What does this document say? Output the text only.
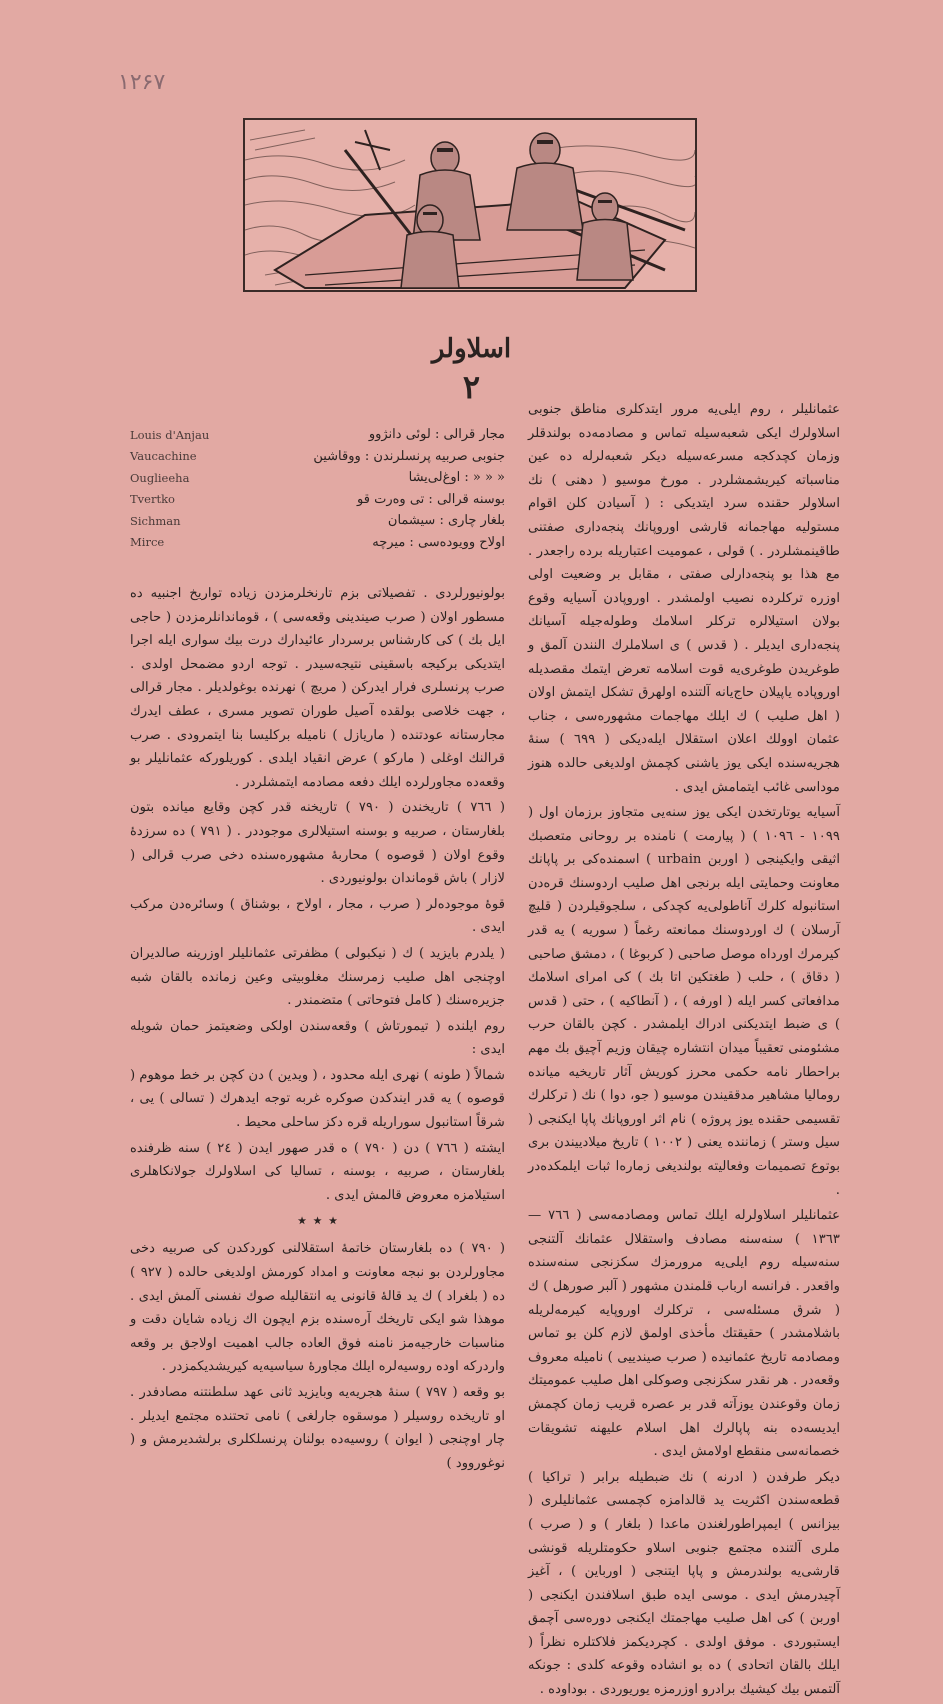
۱۲۶۷
اسلاولر
٢

عثمانليلر ، روم ايلى‌يه مرور ايتدكلرى مناطق جنوبى اسلاولرك ايكى شعبه‌سيله تماس و مصادمه‌ده بولندقلر وزمان كچدكجه مسرعه‌سيله ديكر شعبه‌لرله ده عين مناسباته كيريشمشلردر . مورخ موسيو ( دهنى ) نك اسلاولر حقنده سرد ايتديكى : ( آسيادن كلن اقوام مستوليه مهاجمانه قارشى اوروپانك پنجه‌دارى صفتنى طاقينمشلردر . ) قولى ، عموميت اعتباريله برده راجعدر . مع هذا بو پنجه‌دارلى صفتى ، مقابل بر وضعيت اولى اوزره تركلرده نصيب اولمشدر . اوروپادن آسيايه وقوع بولان استيلالره تركلر اسلامك وطوله‌جيله آسيانك پنجه‌دارى ايديلر . ( قدس ) ى اسلاملرك النندن آلمق و طوغريدن طوغرى‌يه قوت اسلامه تعرض ايتمك مقصديله اوروپاده ياپيلان حاج‌يانه آلتنده اولهرق تشكل ايتمش اولان ( اهل صليب ) ك ايلك مهاجمات مشهوره‌سى ، جناب عثمان اوولك اعلان استقلال ايله‌ديكى ( ٦٩٩ ) سنهٔ هجريه‌سنده ايكى يوز ياشنى كچمش اولديغى حالده هنوز موداسى غائب ايتمامش ايدى .

آسيايه يوتارتخدن ايكى يوز سنه‌يى متجاوز برزمان اول ( ١٠٩٩ - ١٠٩٦ ) ( پيارمت ) نامنده بر روحانى متعصبك اثيقى وايكينجى ( اوربن urbain ) اسمنده‌كى بر پاپانك معاونت وحمايتى ايله برنجى اهل صليب اردوسنك قره‌دن استانبوله كلرك آناطولى‌يه كچدكى ، سلجوقيلردن ( قليچ آرسلان ) ك اوردوسنك ممانعته رغماً ( سوريه ) يه قدر كيرمرك اورداه موصل صاحبى ( كربوغا ) ، دمشق صاحبى ( دقاق ) ، حلب ( طغتكين اتا بك ) كى امراى اسلامك مدافعاتى كسر ايله ( اورفه ) ، ( آنطاكيه ) ، حتى ( قدس ) ى ضبط ايتديكنى ادراك ايلمشدر . كچن بالقان حرب مشئومنى تعقيباً ميدان انتشاره چيقان وزيم آچيق بك مهم براحطار نامه حكمى محرز كوريش آثار تاريخيه ميانده روماليا مشاهير مدققيندن موسيو ( جو، دوا ) نك ( تركلرك تقسيمى حقنده يوز پروژه ) نام اثر اوروپانك پاپا ايكنجى ( سيل وستر ) زماننده يعنى ( ١٠٠٢ ) تاريخ ميلادييندن برى بوتوع تصميمات وفعاليته بولنديغى زماره‌ا ثبات ايلمكده‌در .

عثمانليلر اسلاولرله ايلك تماس ومصادمه‌سى ( ٧٦٦ — ١٣٦٣ ) سنه‌سنه مصادف واستقلال عثمانك آلتنجى سنه‌سيله روم ايلى‌يه مرورمزك سكزنجى سنه‌سنده واقعدر . فرانسه ارباب قلمندن مشهور ( آلبر صورهل ) ك ( شرق مسئله‌سى ، تركلرك اوروپايه كيرمه‌لريله باشلامشدر ) حقيقتك مأخذى اولمق لازم كلن بو تماس ومصادمه تاريخ عثمانيده ( صرب صيندييى ) ناميله معروف وقعه‌در . هر نقدر سكزنجى وصوكلى اهل صليب عموميتك زمان وقوعندن يوزآته قدر بر عصره قريب زمان كچمش ايديسه‌ده بنه پاپالرك اهل اسلام عليهنه تشويقات خصمانه‌سى منقطع اولامش ايدى .

ديكر طرفدن ( ادرنه ) نك ضبطيله برابر ( تراكيا ) قطعه‌سندن اكثريت يد قالدامزه كچمسى عثمانليلرى ( بيزانس ) ايمپراطورلغندن ماعدا ( بلغار ) و ( صرب ) ملرى آلتنده مجتمع جنوبى اسلاو حكومتلريله قونشى قارشى‌يه بولندرمش و پاپا ايتنجى ( اورباين ) ، آغيز آچيدرمش ايدى . موسى ايده طبق اسلافندن ايكنجى ( اوربن ) كى اهل صليب مهاجمتك ايكنجى دوره‌سى آچمق ايستبوردى . موفق اولدى . كچرديكمز فلاكتلره نظراً ( ايلك بالقان اتحادى ) ده بو انشاده وقوعه كلدى : جونكه آلتمس بيك كيشيك برادرو اوزرمزه يوريوردى . بوداوده .

Louis d'Anjau	مجار قرالى : لوئى دانژوو
Vaucachine	جنوبى صربيه پرنسلرندن : ووقاشين
Ouglieeha	« « « : اوغ‌لى‌يشا
Tvertko	بوسنه قرالى : تى وەرت قو
Sichman	بلغار چارى : سيشمان
Mirce	اولاح وويوده‌سى : ميرچه

بولونيورلردى . تفصيلاتى بزم تارنخلرمزدن زياده تواريخ اجنبيه ده مسطور اولان ( صرب صيندينى وقعه‌سى ) ، قوماندانلرمزدن ( حاجى ايل بك ) كى كارشناس برسردار عائيدارك درت بيك سوارى ايله اجرا ايتديكى بركيجه باسقينى نتيجه‌سيدر . توجه اردو مضمحل اولدى . صرب پرنسلرى فرار ايدركن ( مريچ ) نهرنده بوغولديلر . مجار قرالى ، جهت خلاصى بولقده آصيل طوران تصوير مسرى ، عطف ايدرك مجارستانه عودتنده ( ماريازل ) ناميله بركليسا بنا ايتمرودى . صرب قرالنك اوغلى ( ماركو ) عرض انقياد ايلدى . كوريلوركه عثمانليلر بو وقعه‌ده مجاورلرده ايلك دفعه مصادمه ايتمشلردر .

( ٧٦٦ ) تاريخندن ( ٧٩٠ ) تاريخنه قدر كچن وقايع ميانده بتون بلغارستان ، صربيه و بوسنه استيلالرى موجوددر . ( ٧٩١ ) ده سرزدهٔ وقوع اولان ( قوصوه ) محاربهٔ مشهوره‌سنده دخى صرب قرالى ( لازار ) باش قوماندان بولونيوردى .

قوهٔ موجوده‌لر ( صرب ، مجار ، اولاح ، بوشناق ) وسائره‌دن مركب ايدى .

( يلدرم بايزيد ) ك ( نيكبولى ) مظفرتى عثمانليلر اوزرينه صالديران اوچنجى اهل صليب زمرسنك مغلوبيتى وعين زمانده بالقان شبه جزيره‌سنك ( كامل فتوحاتى ) متضمندر .

روم ايلنده ( تيمورتاش ) وقعه‌سندن اولكى وضعيتمز حمان شويله ايدى :

شمالاً ( طونه ) نهرى ايله محدود ، ( ويدين ) دن كچن بر خط موهوم ( قوصوه ) يه قدر ايندكدن صوكره غربه توجه ايدهرك ( تسالى ) يى ، شرقاً استانبول سوراريله قره دكز ساحلى محيط .

ايشته ( ٧٦٦ ) دن ( ٧٩٠ ) ه قدر صهور ايدن ( ٢٤ ) سنه ظرفنده بلغارستان ، صربيه ، بوسنه ، تساليا كى اسلاولرك جولانكاهلرى استيلامزه معروض قالمش ايدى .

٭ ٭ ٭

( ٧٩٠ ) ده بلغارستان خاتمهٔ استقلالنى كوردكدن كى صربيه دخى مجاورلردن بو نبجه معاونت و امداد كورمش اولديغى حالده ( ٩٢٧ ) ده ( بلغراد ) ك يد قالهٔ قانونى يه انتقاليله صوك نفسنى آلمش ايدى . موهذا شو ايكى تاريخك آره‌سنده بزم ايچون اك زياده شايان دقت و مناسبات خارجيه‌مز نامنه فوق العاده جالب اهميت اولاجق بر وقعه واردركه اوده روسيه‌لره ايلك مجاورهٔ سياسيه‌يه كيريشديكمزدر .

بو وقعه ( ٧٩٧ ) سنهٔ هجريه‌يه وبايزيد ثانى عهد سلطنتنه مصادفدر . او تاريخده روسيلر ( موسقوه جارلغى ) نامى تحتنده مجتمع ايديلر . چار اوچنجى ( ايوان ) روسيه‌ده بولنان پرنسلكلرى برلشديرمش و ( نوغوروود )
